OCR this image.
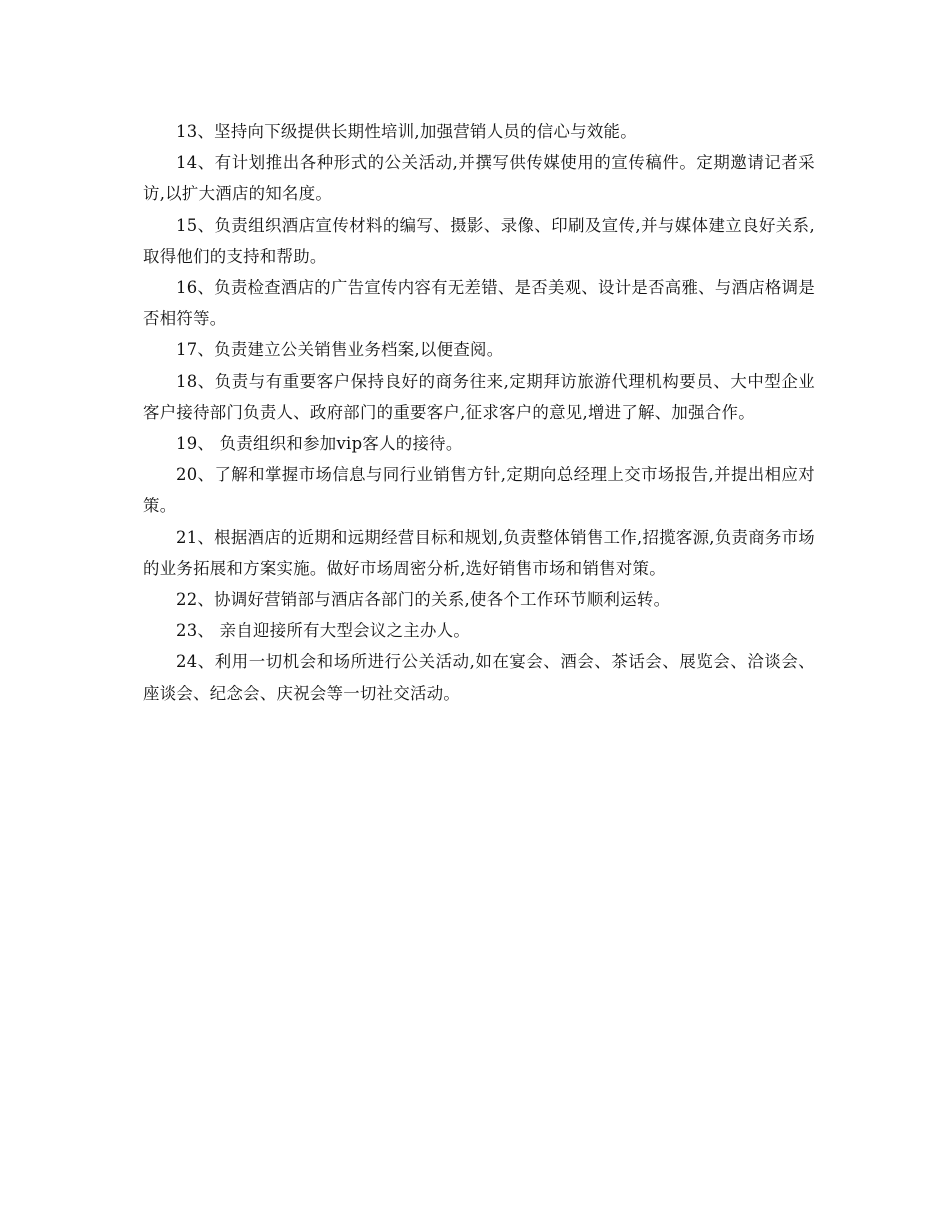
13、坚持向下级提供长期性培训,加强营销人员的信心与效能。

14、有计划推出各种形式的公关活动,并撰写供传媒使用的宣传稿件。定期邀请记者采访,以扩大酒店的知名度。

15、负责组织酒店宣传材料的编写、摄影、录像、印刷及宣传,并与媒体建立良好关系,取得他们的支持和帮助。

16、负责检查酒店的广告宣传内容有无差错、是否美观、设计是否高雅、与酒店格调是否相符等。

17、负责建立公关销售业务档案,以便查阅。

18、负责与有重要客户保持良好的商务往来,定期拜访旅游代理机构要员、大中型企业客户接待部门负责人、政府部门的重要客户,征求客户的意见,增进了解、加强合作。

19、 负责组织和参加vip客人的接待。

20、了解和掌握市场信息与同行业销售方针,定期向总经理上交市场报告,并提出相应对策。

21、根据酒店的近期和远期经营目标和规划,负责整体销售工作,招揽客源,负责商务市场的业务拓展和方案实施。做好市场周密分析,选好销售市场和销售对策。

22、协调好营销部与酒店各部门的关系,使各个工作环节顺利运转。

23、 亲自迎接所有大型会议之主办人。

24、利用一切机会和场所进行公关活动,如在宴会、酒会、茶话会、展览会、洽谈会、座谈会、纪念会、庆祝会等一切社交活动。
